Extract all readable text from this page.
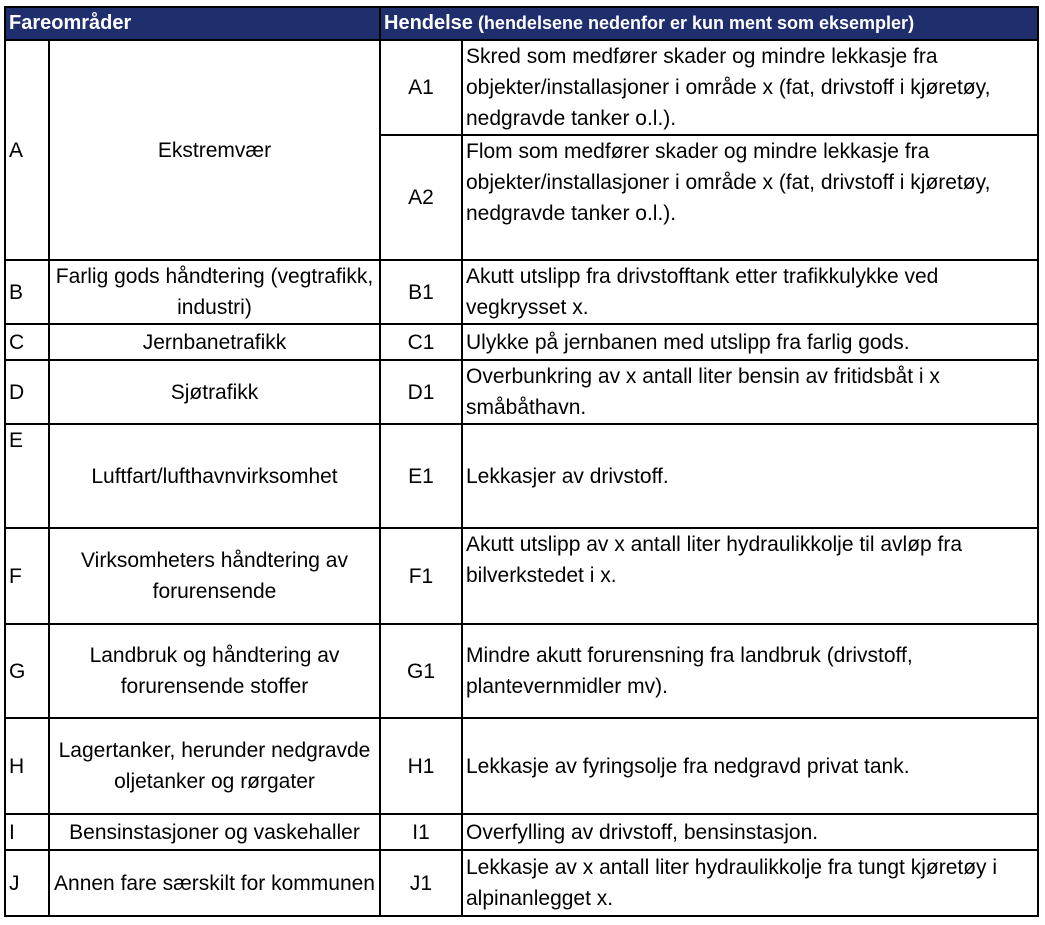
Fareområder		Hendelse (hendelsene nedenfor er kun ment som eksempler)	
A	Ekstremvær	A1	Skred som medfører skader og mindre lekkasje fra objekter/installasjoner i område x (fat, drivstoff i kjøretøy, nedgravde tanker o.l.).
		A2	Flom som medfører skader og mindre lekkasje fra objekter/installasjoner i område x (fat, drivstoff i kjøretøy, nedgravde tanker o.l.).
B	Farlig gods håndtering (vegtrafikk, industri)	B1	Akutt utslipp fra drivstofftank etter trafikkulykke ved vegkrysset x.
C	Jernbanetrafikk	C1	Ulykke på jernbanen med utslipp fra farlig gods.
D	Sjøtrafikk	D1	Overbunkring av x antall liter bensin av fritidsbåt i x småbåthavn.
E	Luftfart/lufthavnvirksomhet	E1	Lekkasjer av drivstoff.
F	Virksomheters håndtering av forurensende	F1	Akutt utslipp av x antall liter hydraulikkolje til avløp fra bilverkstedet i x.
G	Landbruk og håndtering av forurensende stoffer	G1	Mindre akutt forurensning fra landbruk (drivstoff, plantevernmidler mv).
H	Lagertanker, herunder nedgravde oljetanker og rørgater	H1	Lekkasje av fyringsolje fra nedgravd privat tank.
I	Bensinstasjoner og vaskehaller	I1	Overfylling av drivstoff, bensinstasjon.
J	Annen fare særskilt for kommunen	J1	Lekkasje av x antall liter hydraulikkolje fra tungt kjøretøy i alpinanlegget x.
